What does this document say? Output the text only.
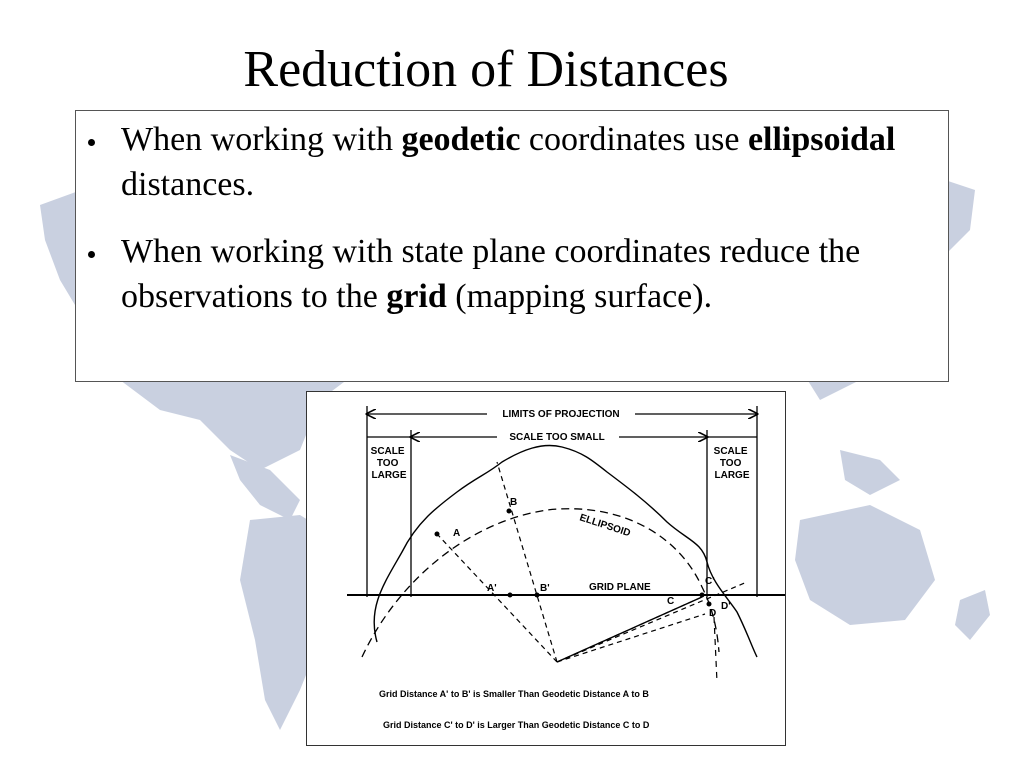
Reduction of Distances
When working with geodetic coordinates use ellipsoidal distances.
When working with state plane coordinates reduce the observations to the grid (mapping surface).
LIMITS OF PROJECTION
SCALE TOO SMALL
SCALE TOO LARGE
SCALE TOO LARGE
ELLIPSOID
GRID PLANE
A
B
A'	B'
C
C'
D
D'
Grid Distance A' to B' is Smaller Than Geodetic Distance A to B
Grid Distance C' to D' is Larger Than Geodetic Distance C to D
